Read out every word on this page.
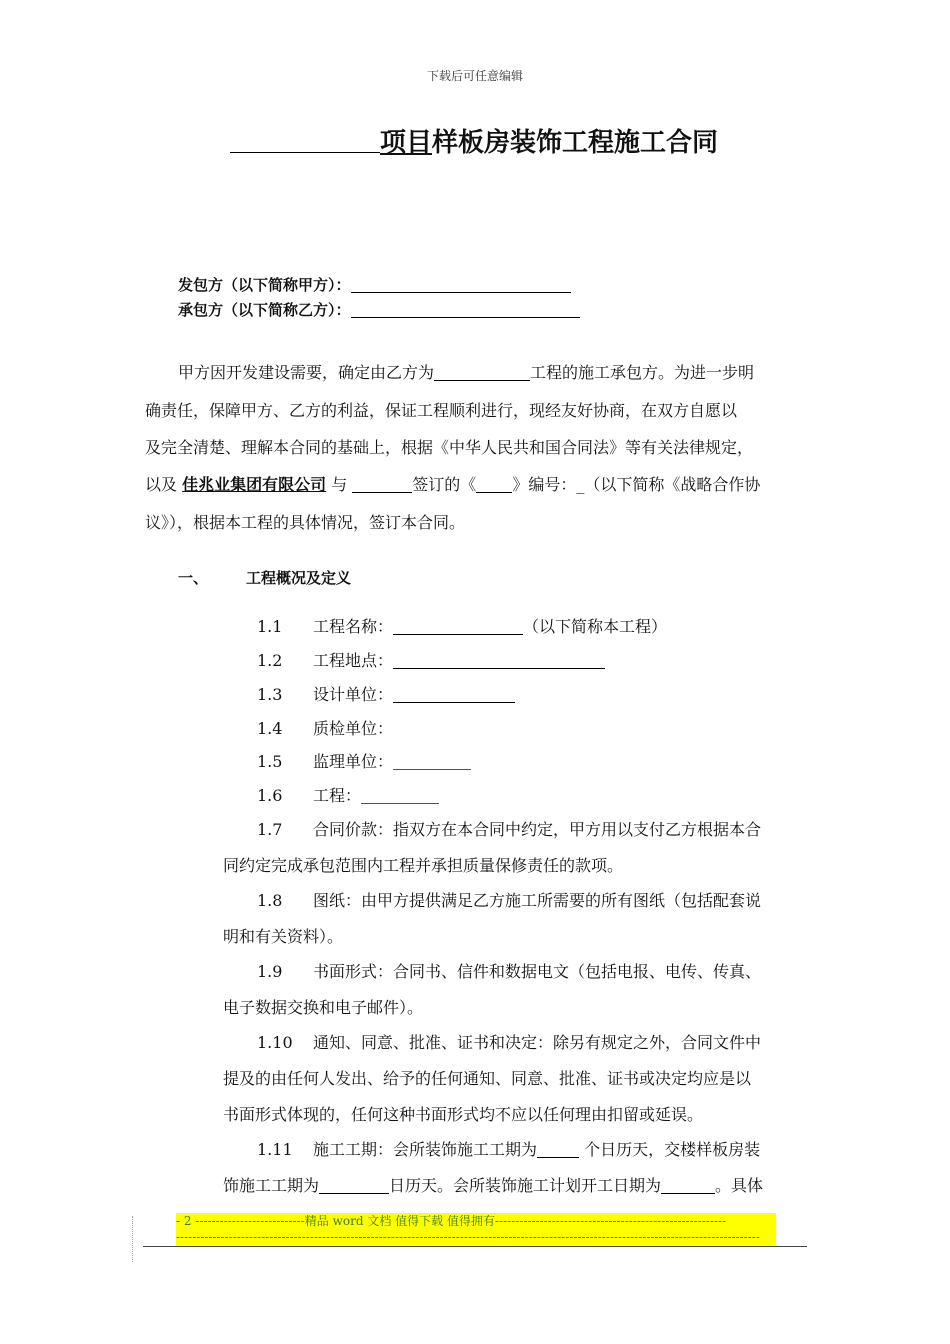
下载后可任意编辑
项目样板房装饰工程施工合同
发包方（以下简称甲方）：
承包方（以下简称乙方）：
甲方因开发建设需要，确定由乙方为	工程的施工承包方。为进一步明
确责任，保障甲方、乙方的利益，保证工程顺利进行，现经友好协商，在双方自愿以
及完全清楚、理解本合同的基础上，根据《中华人民共和国合同法》等有关法律规定，
以及 佳兆业集团有限公司 与	签订的《 》编号：_（以下简称《战略合作协
议》），根据本工程的具体情况，签订本合同。
一、	工程概况及定义
1.1 工程名称：	（以下简称本工程）
1.2 工程地点：
1.3 设计单位：
1.4 质检单位：
1.5 监理单位：
1.6 工程：
1.7 合同价款：指双方在本合同中约定，甲方用以支付乙方根据本合
同约定完成承包范围内工程并承担质量保修责任的款项。
1.8 图纸：由甲方提供满足乙方施工所需要的所有图纸（包括配套说
明和有关资料）。
1.9 书面形式：合同书、信件和数据电文（包括电报、电传、传真、
电子数据交换和电子邮件）。
1.10 通知、同意、批准、证书和决定：除另有规定之外，合同文件中
提及的由任何人发出、给予的任何通知、同意、批准、证书或决定均应是以
书面形式体现的，任何这种书面形式均不应以任何理由扣留或延误。
1.11 施工工期：会所装饰施工工期为	个日历天，交楼样板房装
饰施工工期为	日历天。会所装饰施工计划开工日期为	。具体
- 2 ---------------------------精品 word 文档 值得下载 值得拥有---------------------------------------------------------
------------------------------------------------------------------------------------------------------------------------------------------------
